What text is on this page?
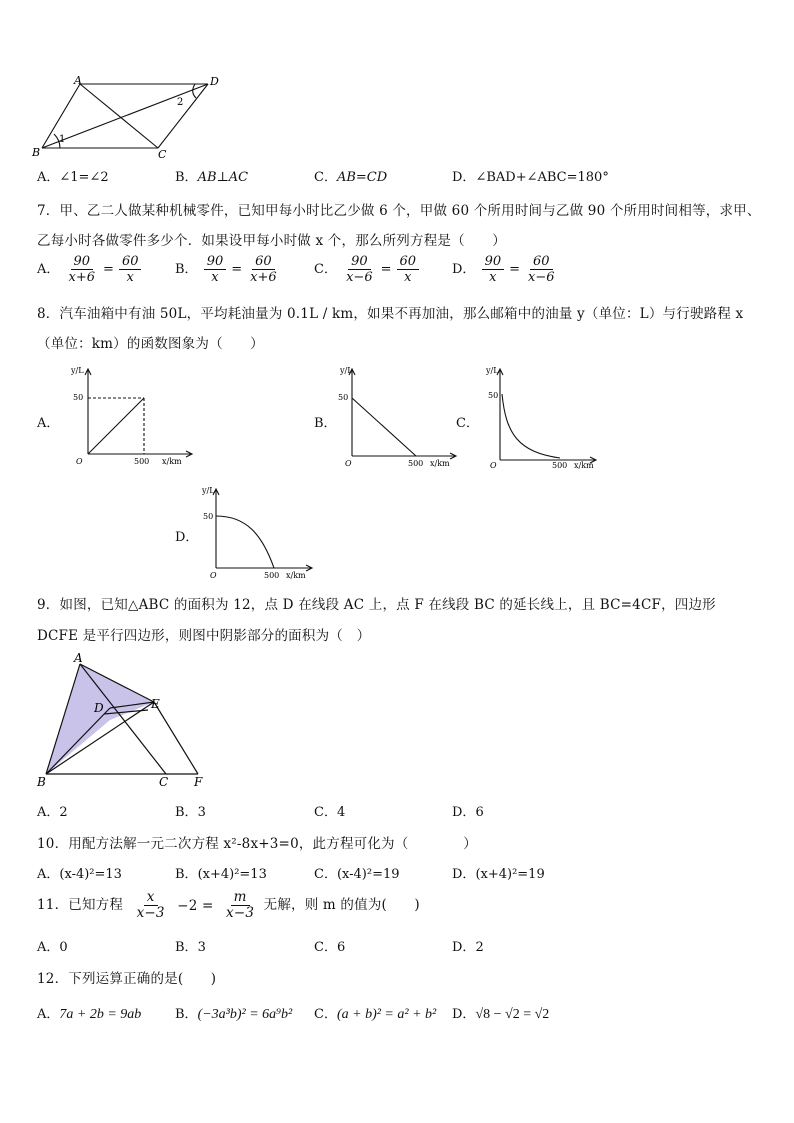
A	D
B	C
1
2
A．∠1=∠2	B．AB⊥AC	C．AB=CD	D．∠BAD+∠ABC=180°
7．甲、乙二人做某种机械零件，已知甲每小时比乙少做 6 个，甲做 60 个所用时间与乙做 90 个所用时间相等，求甲、
乙每小时各做零件多少个．如果设甲每小时做 x 个，那么所列方程是（　　）
A． $\frac{90}{x+6} = \frac{60}{x}$	B． $\frac{90}{x} = \frac{60}{x+6}$	C． $\frac{90}{x-6} = \frac{60}{x}$	D． $\frac{90}{x} = \frac{60}{x-6}$
8．汽车油箱中有油 50L，平均耗油量为 0.1L / km，如果不再加油，那么邮箱中的油量 y（单位：L）与行驶路程 x
（单位：km）的函数图象为（　　）
A．	B．	C．
D．
y/L
50
O	500 x/km
y/L
50
O	500 x/km
y/L
50
O	500 x/km
y/L
50
O	500 x/km
9．如图，已知△ABC 的面积为 12，点 D 在线段 AC 上，点 F 在线段 BC 的延长线上，且 BC=4CF，四边形
DCFE 是平行四边形，则图中阴影部分的面积为（　）
A
D	E
B	C F
A．2	B．3	C．4	D．6
10．用配方法解一元二次方程 x²-8x+3=0，此方程可化为（　　　　）
A．(x-4)²=13	B．(x+4)²=13	C．(x-4)²=19	D．(x+4)²=19
11．已知方程 $\frac{x}{x-3} -2 = \frac{m}{x-3}$ 无解，则 m 的值为(　　)
A．0	B．3	C．6	D．2
12．下列运算正确的是(　　)
A．7a + 2b = 9ab	B．(−3a³b)² = 6a⁹b² C．(a + b)² = a² + b² D．√8 − √2 = √2
